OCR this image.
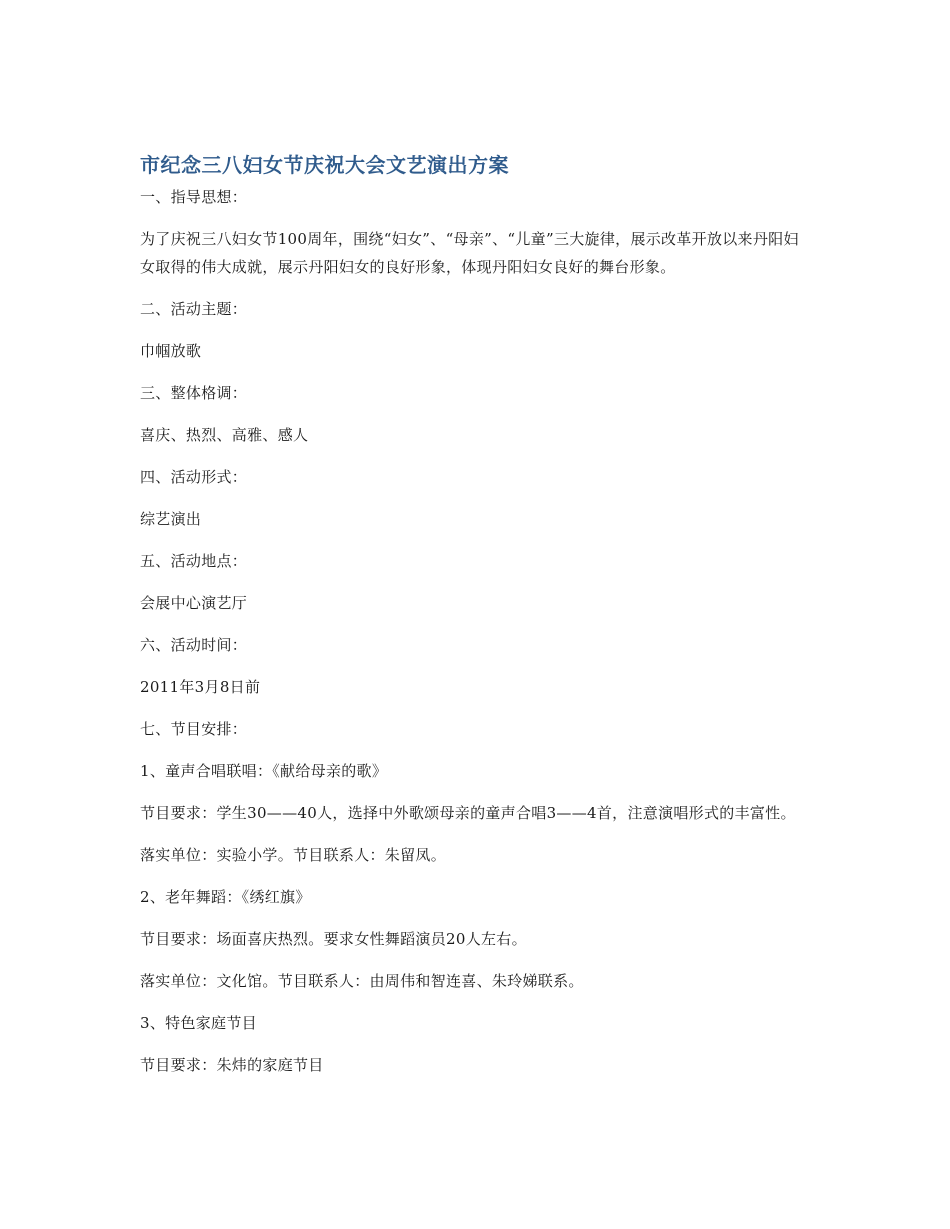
市纪念三八妇女节庆祝大会文艺演出方案

一、指导思想：

为了庆祝三八妇女节100周年，围绕“妇女”、“母亲”、“儿童”三大旋律，展示改革开放以来丹阳妇女取得的伟大成就，展示丹阳妇女的良好形象，体现丹阳妇女良好的舞台形象。

二、活动主题：

巾帼放歌

三、整体格调：

喜庆、热烈、高雅、感人

四、活动形式：

综艺演出

五、活动地点：

会展中心演艺厅

六、活动时间：

2011年3月8日前

七、节目安排：

1、童声合唱联唱：《献给母亲的歌》

节目要求：学生30——40人，选择中外歌颂母亲的童声合唱3——4首，注意演唱形式的丰富性。

落实单位：实验小学。节目联系人：朱留凤。

2、老年舞蹈：《绣红旗》

节目要求：场面喜庆热烈。要求女性舞蹈演员20人左右。

落实单位：文化馆。节目联系人：由周伟和智连喜、朱玲娣联系。

3、特色家庭节目

节目要求：朱炜的家庭节目
